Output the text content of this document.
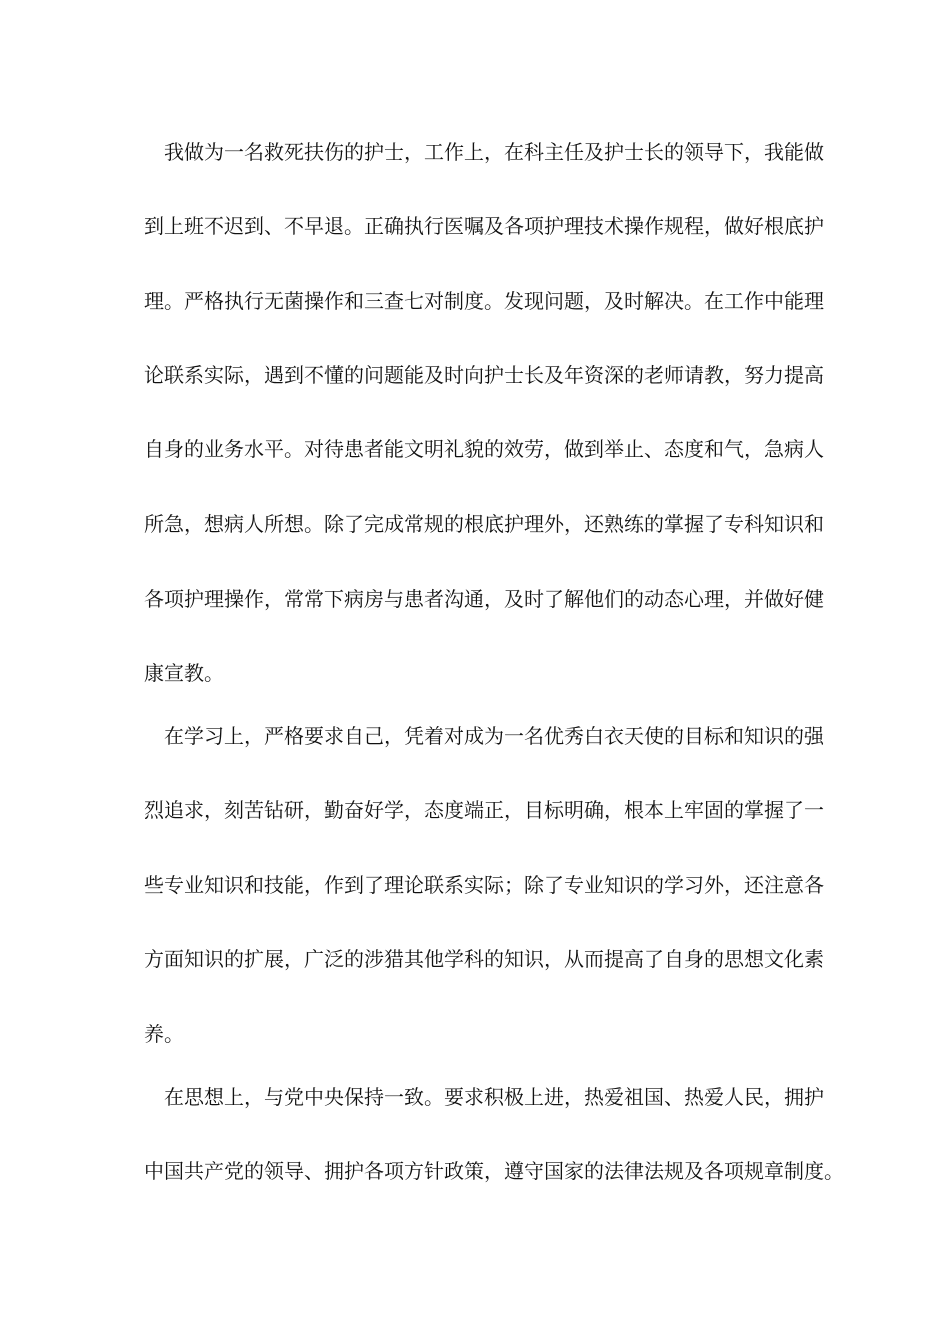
我做为一名救死扶伤的护士，工作上，在科主任及护士长的领导下，我能做
到上班不迟到、不早退。正确执行医嘱及各项护理技术操作规程，做好根底护
理。严格执行无菌操作和三查七对制度。发现问题，及时解决。在工作中能理
论联系实际，遇到不懂的问题能及时向护士长及年资深的老师请教，努力提高
自身的业务水平。对待患者能文明礼貌的效劳，做到举止、态度和气，急病人
所急，想病人所想。除了完成常规的根底护理外，还熟练的掌握了专科知识和
各项护理操作，常常下病房与患者沟通，及时了解他们的动态心理，并做好健
康宣教。
在学习上，严格要求自己，凭着对成为一名优秀白衣天使的目标和知识的强
烈追求，刻苦钻研，勤奋好学，态度端正，目标明确，根本上牢固的掌握了一
些专业知识和技能，作到了理论联系实际；除了专业知识的学习外，还注意各
方面知识的扩展，广泛的涉猎其他学科的知识，从而提高了自身的思想文化素
养。
在思想上，与党中央保持一致。要求积极上进，热爱祖国、热爱人民，拥护
中国共产党的领导、拥护各项方针政策，遵守国家的法律法规及各项规章制度。
